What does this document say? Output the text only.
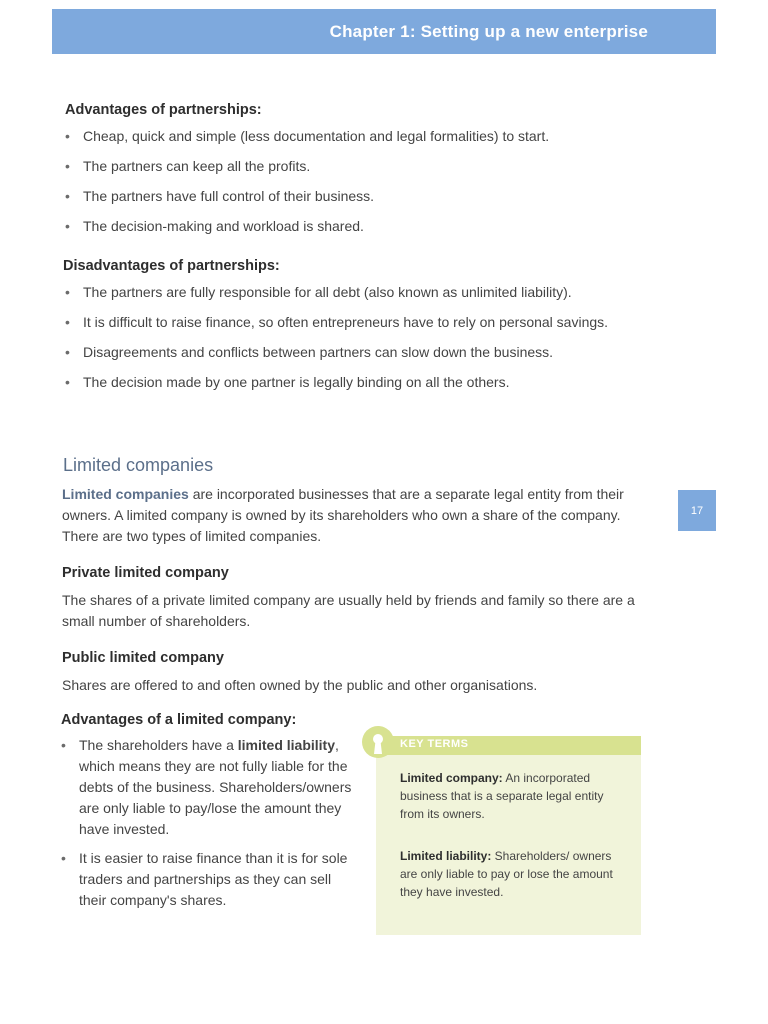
Chapter 1: Setting up a new enterprise
17
Advantages of partnerships:
• Cheap, quick and simple (less documentation and legal formalities) to start.
• The partners can keep all the profits.
• The partners have full control of their business.
• The decision-making and workload is shared.
Disadvantages of partnerships:
• The partners are fully responsible for all debt (also known as unlimited liability).
• It is difficult to raise finance, so often entrepreneurs have to rely on personal savings.
• Disagreements and conflicts between partners can slow down the business.
• The decision made by one partner is legally binding on all the others.
Limited companies

Limited companies are incorporated businesses that are a separate legal entity from their owners. A limited company is owned by its shareholders who own a share of the company. There are two types of limited companies.

Private limited company

The shares of a private limited company are usually held by friends and family so there are a small number of shareholders.

Public limited company

Shares are offered to and often owned by the public and other organisations.

Advantages of a limited company:
• The shareholders have a limited liability, which means they are not fully liable for the debts of the business. Shareholders/owners are only liable to pay/lose the amount they have invested.
• It is easier to raise finance than it is for sole traders and partnerships as they can sell their company's shares.
KEY TERMS

Limited company: An incorporated business that is a separate legal entity from its owners.

Limited liability: Shareholders/ owners are only liable to pay or lose the amount they have invested.
